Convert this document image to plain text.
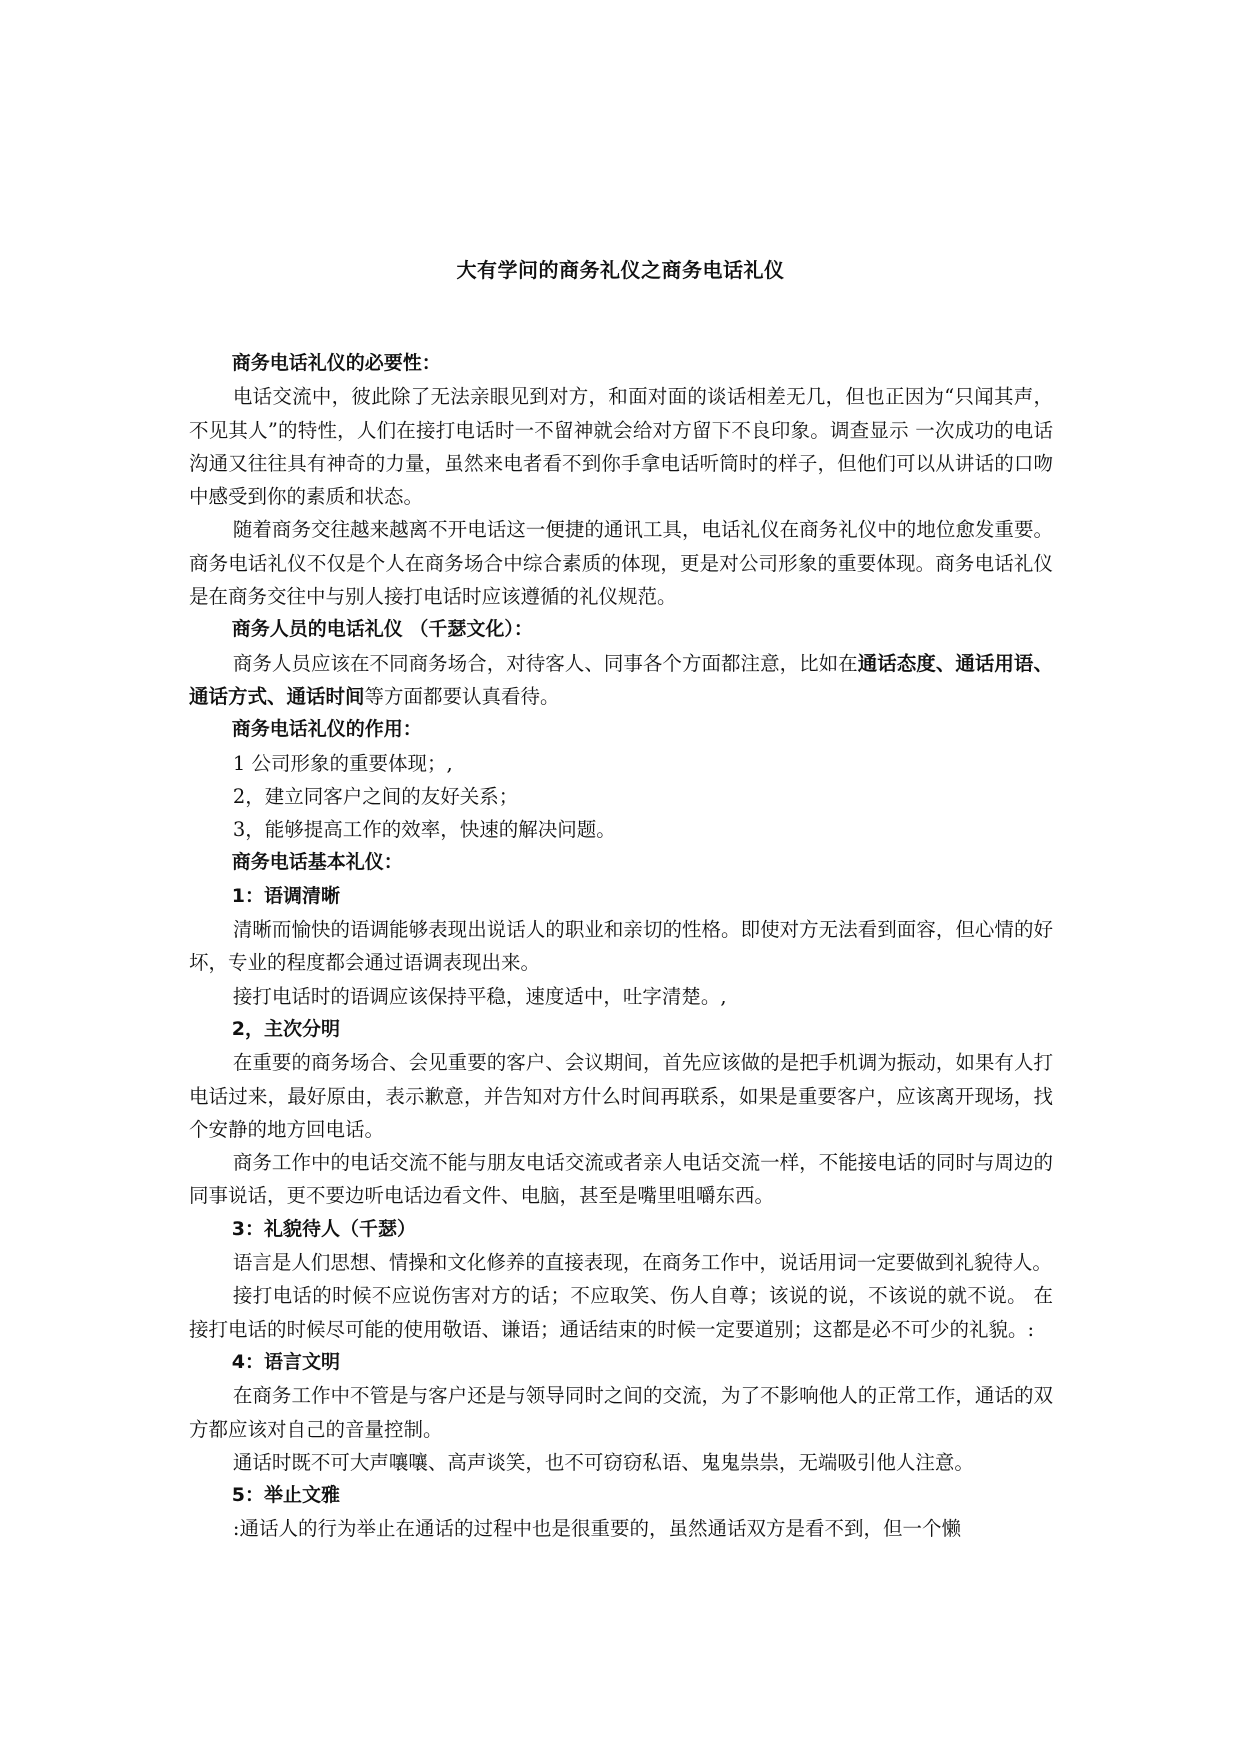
大有学问的商务礼仪之商务电话礼仪

商务电话礼仪的必要性：

电话交流中，彼此除了无法亲眼见到对方，和面对面的谈话相差无几，但也正因为“只闻其声，不见其人”的特性，人们在接打电话时一不留神就会给对方留下不良印象。调查显示 一次成功的电话沟通又往往具有神奇的力量，虽然来电者看不到你手拿电话听筒时的样子，但他们可以从讲话的口吻中感受到你的素质和状态。

随着商务交往越来越离不开电话这一便捷的通讯工具，电话礼仪在商务礼仪中的地位愈发重要。商务电话礼仪不仅是个人在商务场合中综合素质的体现，更是对公司形象的重要体现。商务电话礼仪是在商务交往中与别人接打电话时应该遵循的礼仪规范。

商务人员的电话礼仪 （千瑟文化）：

商务人员应该在不同商务场合，对待客人、同事各个方面都注意，比如在通话态度、通话用语、通话方式、通话时间等方面都要认真看待。

商务电话礼仪的作用：

1 公司形象的重要体现；,

2，建立同客户之间的友好关系；

3，能够提高工作的效率，快速的解决问题。

商务电话基本礼仪：

1：语调清晰

清晰而愉快的语调能够表现出说话人的职业和亲切的性格。即使对方无法看到面容，但心情的好坏，专业的程度都会通过语调表现出来。

接打电话时的语调应该保持平稳，速度适中，吐字清楚。,

2，主次分明

在重要的商务场合、会见重要的客户、会议期间，首先应该做的是把手机调为振动，如果有人打电话过来，最好原由，表示歉意，并告知对方什么时间再联系，如果是重要客户，应该离开现场，找个安静的地方回电话。

商务工作中的电话交流不能与朋友电话交流或者亲人电话交流一样，不能接电话的同时与周边的同事说话，更不要边听电话边看文件、电脑，甚至是嘴里咀嚼东西。

3：礼貌待人（千瑟）

语言是人们思想、情操和文化修养的直接表现，在商务工作中，说话用词一定要做到礼貌待人。

接打电话的时候不应说伤害对方的话；不应取笑、伤人自尊；该说的说，不该说的就不说。 在接打电话的时候尽可能的使用敬语、谦语；通话结束的时候一定要道别；这都是必不可少的礼貌。:

4：语言文明

在商务工作中不管是与客户还是与领导同时之间的交流，为了不影响他人的正常工作，通话的双方都应该对自己的音量控制。

通话时既不可大声嚷嚷、高声谈笑，也不可窃窃私语、鬼鬼祟祟，无端吸引他人注意。

5：举止文雅

:通话人的行为举止在通话的过程中也是很重要的，虽然通话双方是看不到，但一个懒
